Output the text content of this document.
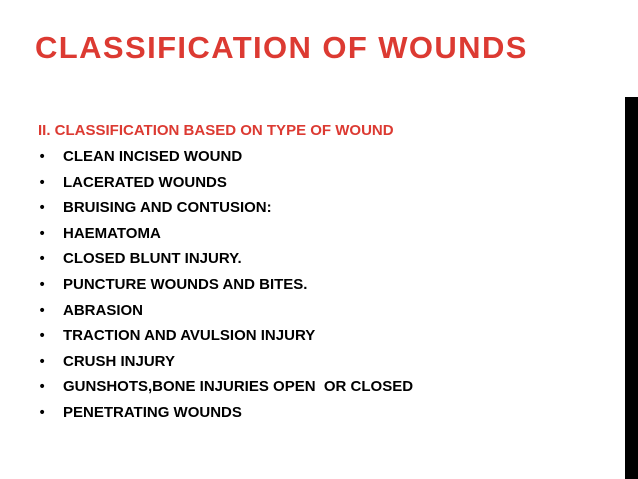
CLASSIFICATION OF WOUNDS

II. CLASSIFICATION BASED ON TYPE OF WOUND

•	CLEAN INCISED WOUND
•	LACERATED WOUNDS
•	BRUISING AND CONTUSION:
•	HAEMATOMA
•	CLOSED BLUNT INJURY.
•	PUNCTURE WOUNDS AND BITES.
•	ABRASION
•	TRACTION AND AVULSION INJURY
•	CRUSH INJURY
•	GUNSHOTS,BONE INJURIES OPEN  OR CLOSED
•	PENETRATING WOUNDS
